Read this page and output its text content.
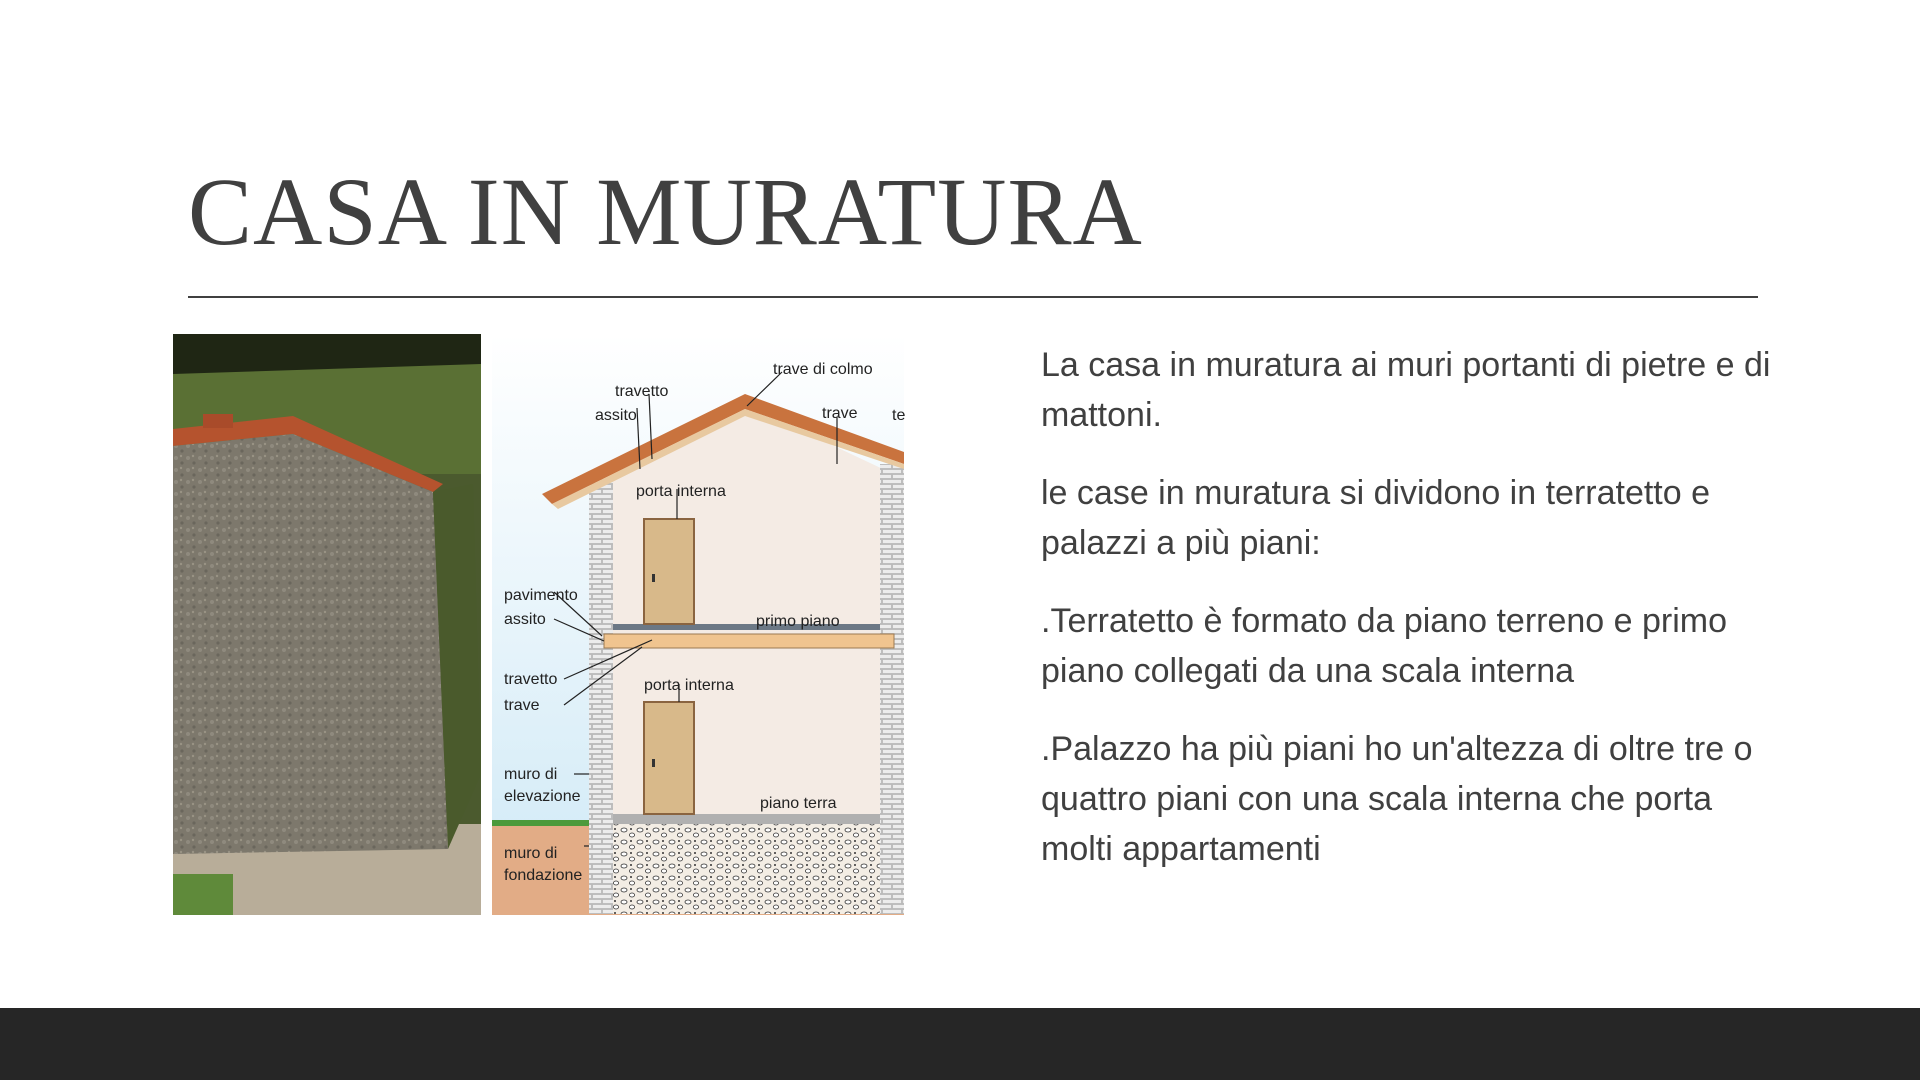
CASA IN MURATURA
trave di colmo
travetto
assito	trave te
porta interna
pavimento
assito	primo piano
travetto
trave
porta interna
muro di
elevazione	piano terra
muro di
fondazione

La casa in muratura ai muri portanti di pietre e di mattoni.

le case in muratura si dividono in terratetto e palazzi a più piani:

.Terratetto è formato da piano terreno e primo piano collegati da una scala interna

.Palazzo ha più piani ho un'altezza di oltre tre o quattro piani con una scala interna che porta molti appartamenti
